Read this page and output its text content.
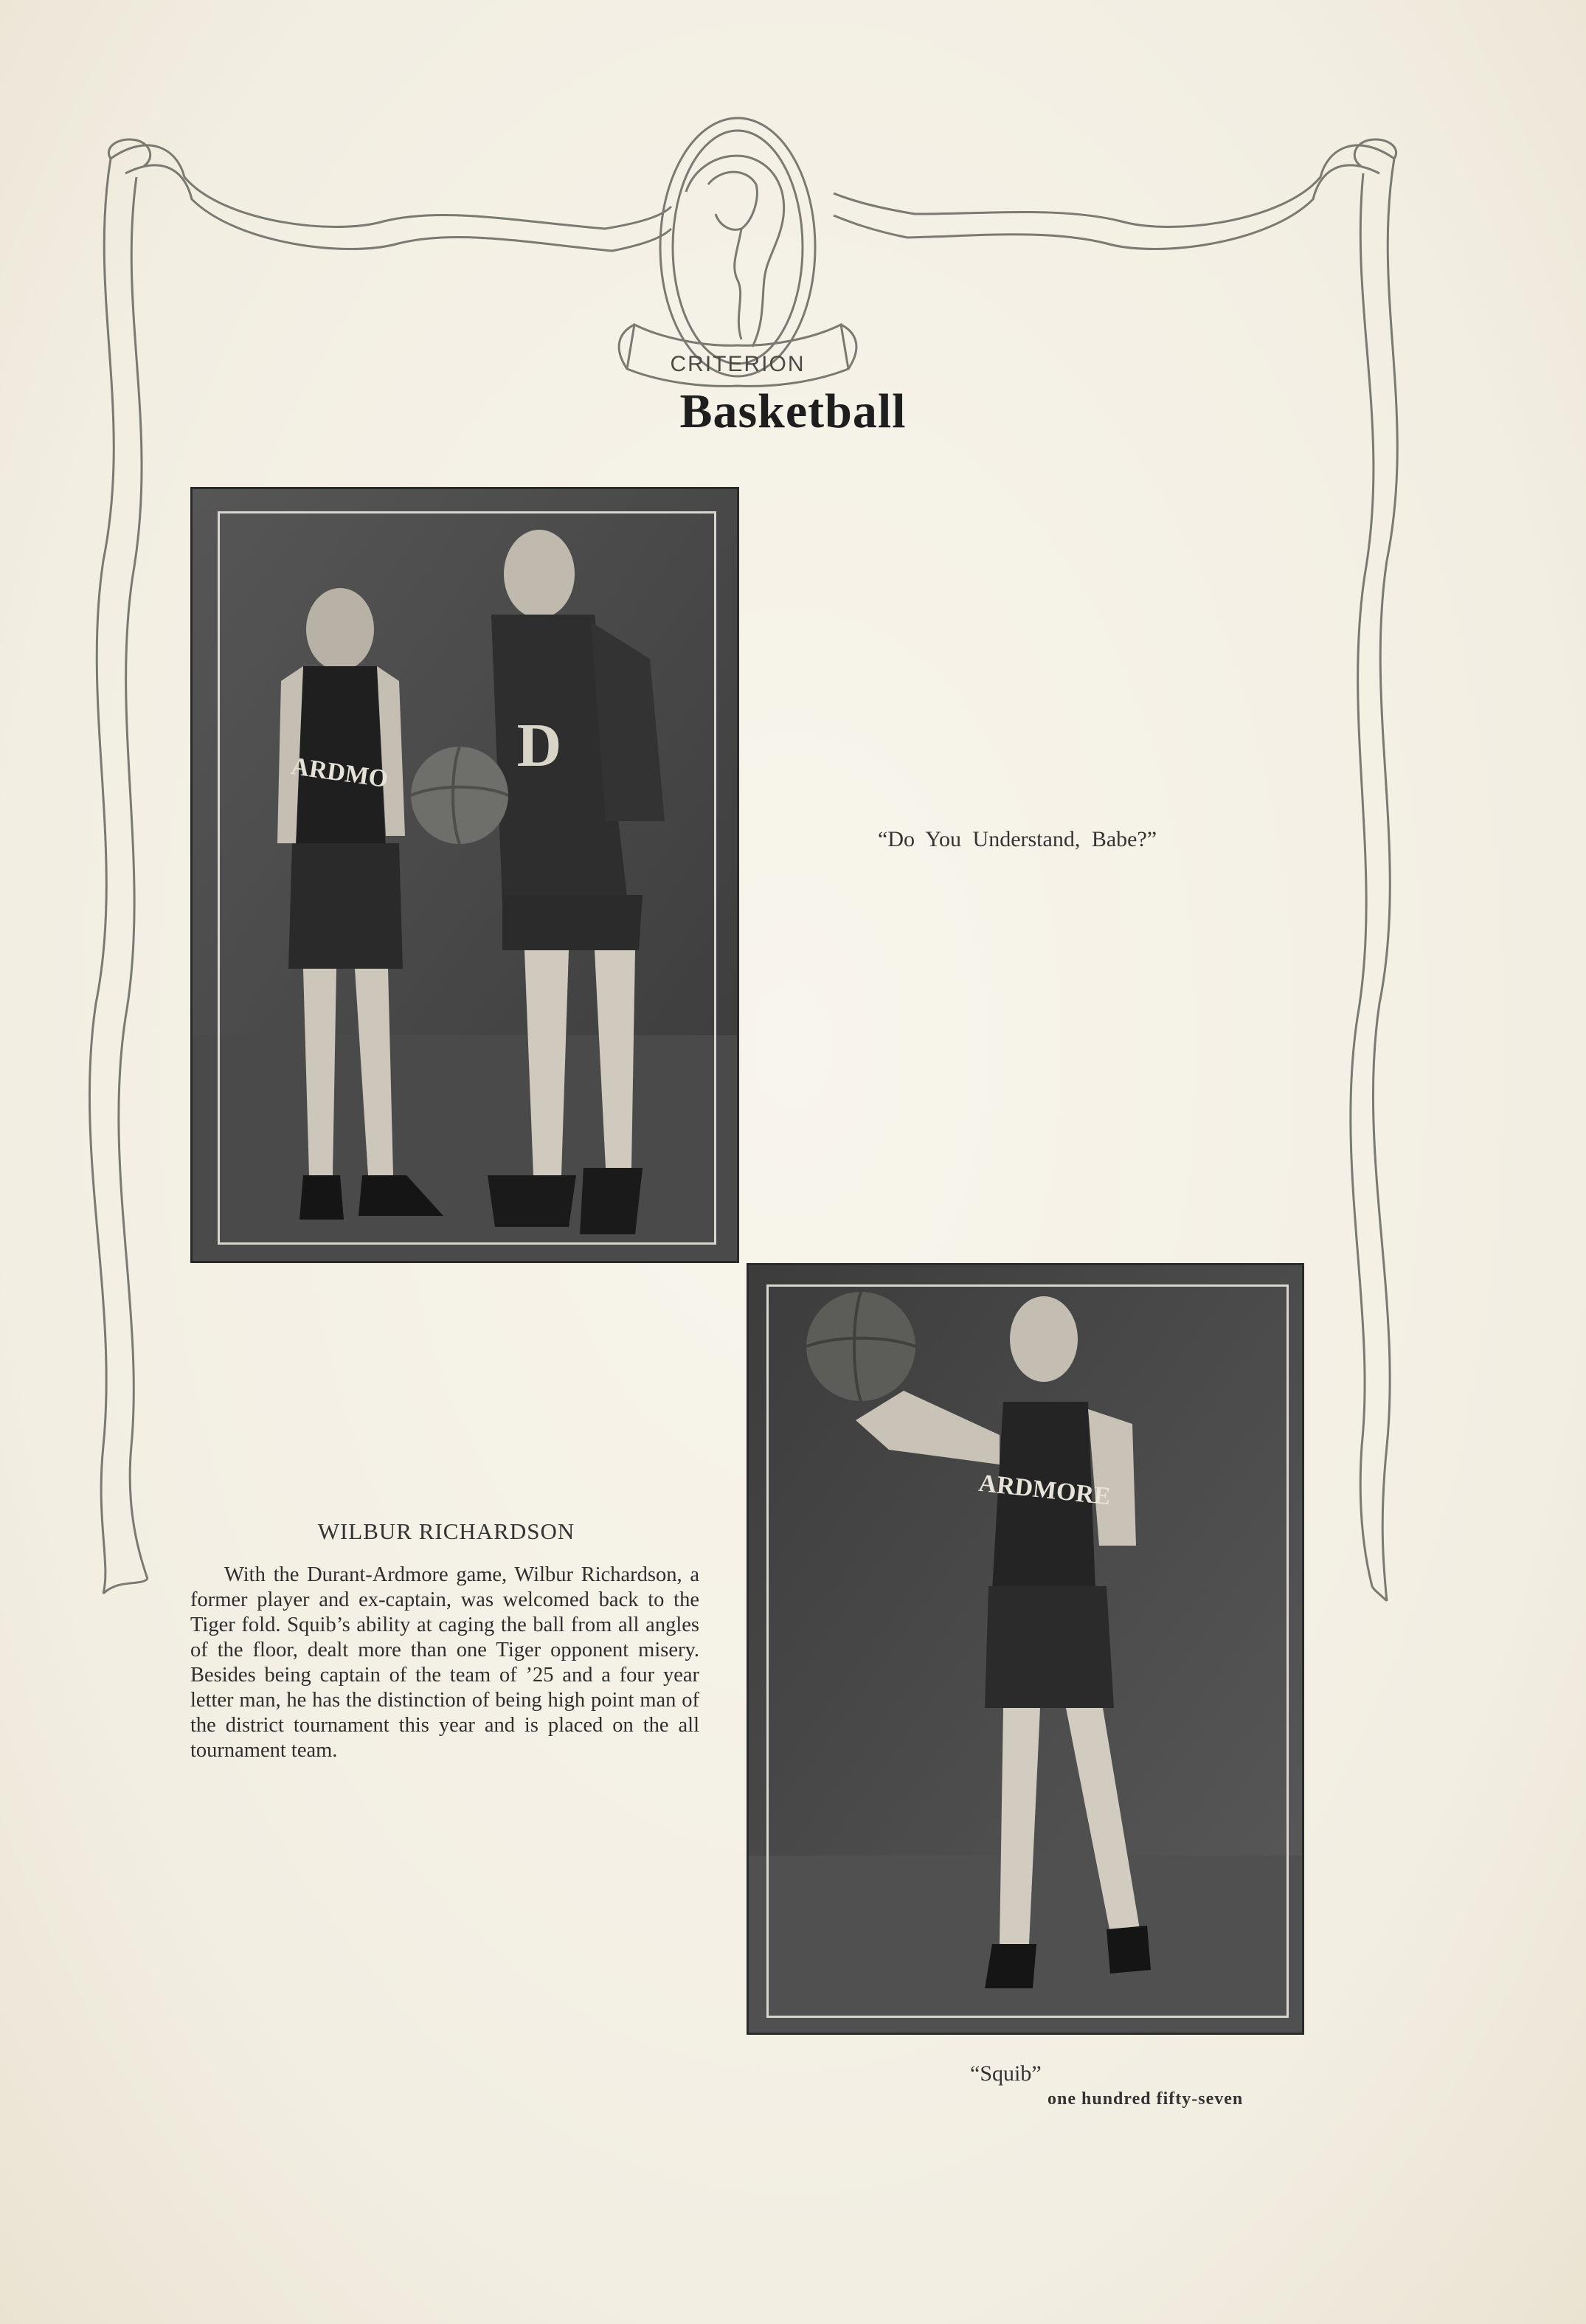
CRITERION
Basketball
ARDMO D
“Do You Understand, Babe?”
ARDMORE
WILBUR RICHARDSON
With the Durant-Ardmore game, Wilbur Richardson, a former player and ex-captain, was welcomed back to the Tiger fold. Squib’s ability at caging the ball from all angles of the floor, dealt more than one Tiger opponent misery. Besides being captain of the team of ’25 and a four year letter man, he has the distinction of being high point man of the district tournament this year and is placed on the all tournament team.
“Squib”
one hundred fifty-seven
